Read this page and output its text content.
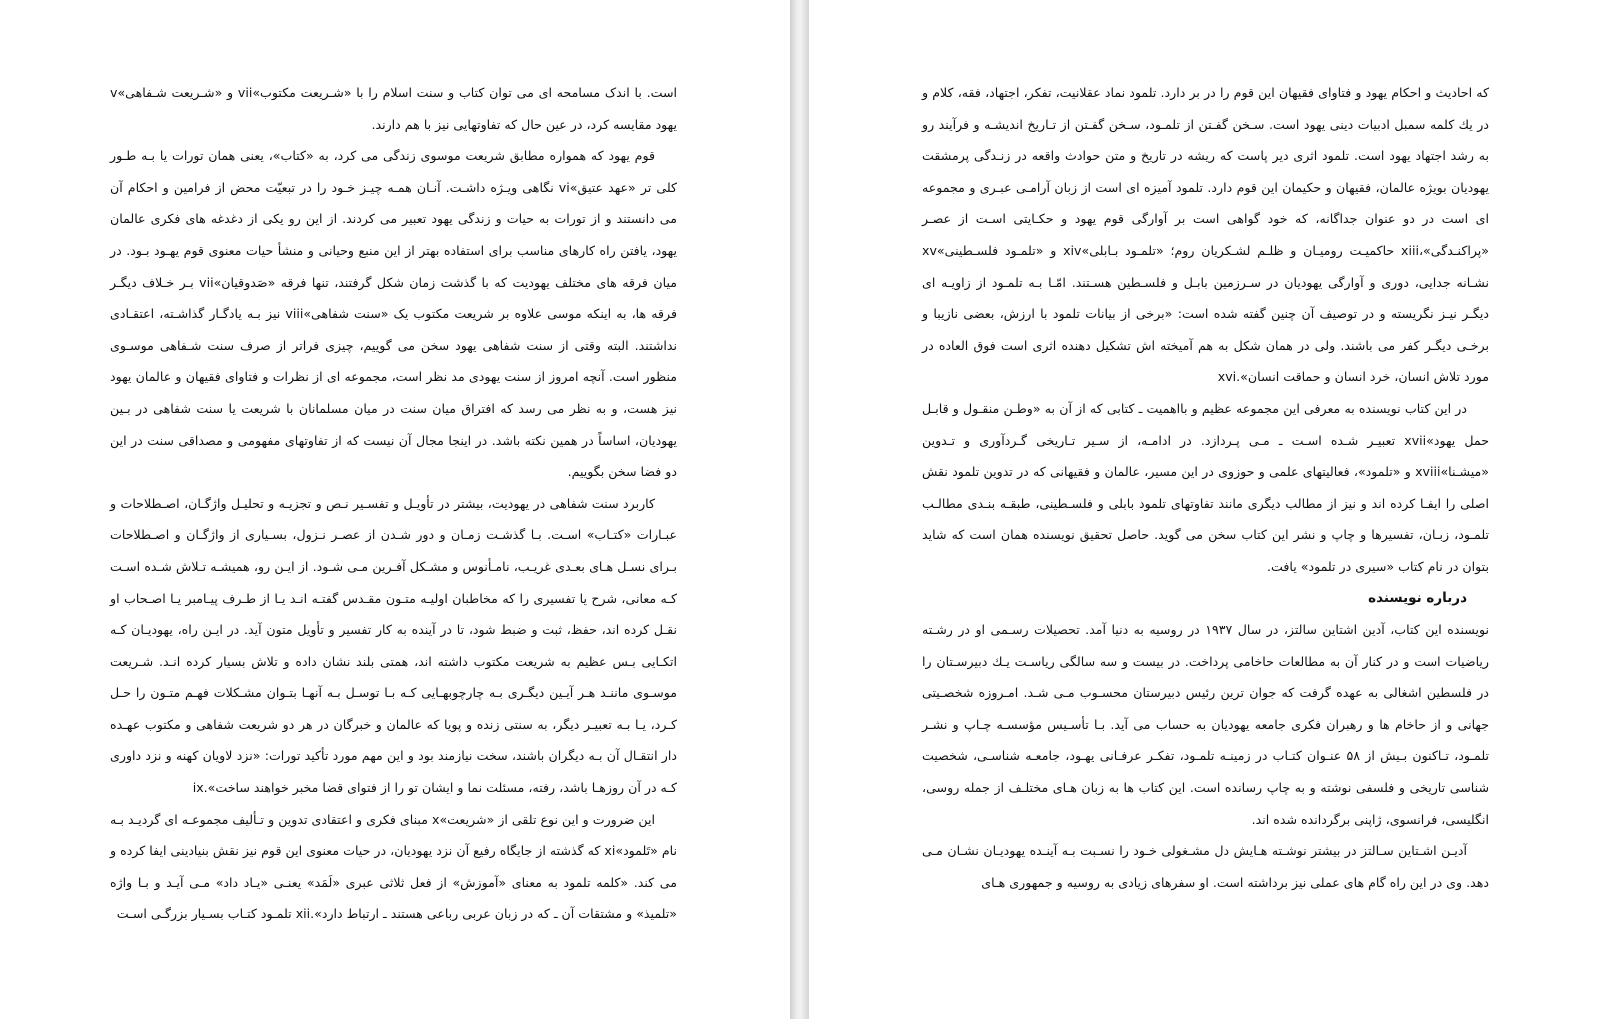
است. با اندک مسامحه ای می توان کتاب و سنت اسلام را با «شـریعت مکتوب»vii و «شـریعت شـفاهی»v یهود مقایسه کرد، در عین حال که تفاوتهایی نیز با هم دارند.

قوم یهود که همواره مطابق شریعت موسوی زندگی می کرد، به «کتاب»، یعنی همان تورات یا بـه طـور کلی تر «عهد عتیق»vi نگاهی ویـژه داشـت. آنـان همـه چیـز خـود را در تبعیّت محض از فرامین و احکام آن می دانستند و از تورات به حیات و زندگی یهود تعبیر می کردند. از این رو یکی از دغدغه های فکری عالمان یهود، یافتن راه کارهای مناسب برای استفاده بهتر از این منبع وحیانی و منشأ حیات معنوی قوم یهـود بـود. در میان فرقه های مختلف یهودیت که با گذشت زمان شکل گرفتند، تنها فرقه «صَدوقیان»vii بـر خـلاف دیگـر فرقه ها، به اینکه موسی علاوه بر شریعت مکتوب یک «سنت شفاهی»viii نیز بـه یادگـار گذاشـته، اعتقـادی نداشتند. البته وقتی از سنت شفاهی یهود سخن می گوییم، چیزی فراتر از صرف سنت شـفاهی موسـوی منظور است. آنچه امروز از سنت یهودی مد نظر است، مجموعه ای از نظرات و فتاوای فقیهان و عالمان یهود نیز هست، و به نظر می رسد که افتراق میان سنت در میان مسلمانان با شریعت یا سنت شفاهی در بـین یهودیان، اساساً در همین نکته باشد. در اینجا مجال آن نیست که از تفاوتهای مفهومی و مصداقی سنت در این دو فضا سخن بگوییم.

کاربرد سنت شفاهی در یهودیت، بیشتر در تأویـل و تفسـیر نـص و تجزیـه و تحلیـل واژگـان، اصـطلاحات و عبـارات «کتـاب» اسـت. بـا گذشـت زمـان و دور شـدن از عصـر نـزول، بسـیاری از واژگـان و اصـطلاحات بـرای نسـل هـای بعـدی غریـب، نامـأنوس و مشـکل آفـرین مـی شـود. از ایـن رو، همیشـه تـلاش شـده اسـت کـه معانی، شرح یا تفسیری را که مخاطبان اولیـه متـون مقـدس گفتـه انـد یـا از طـرف پیـامبر یـا اصـحاب او نقـل کرده اند، حفظ، ثبت و ضبط شود، تا در آینده به کار تفسیر و تأویل متون آید. در ایـن راه، یهودیـان کـه اتکـایی بـس عظیم به شریعت مکتوب داشته اند، همتی بلند نشان داده و تلاش بسیار کرده انـد. شـریعت موسـوی ماننـد هـر آیـین دیگـری بـه چارچوبهـایی کـه بـا توسـل بـه آنهـا بتـوان مشـکلات فهـم متـون را حـل کـرد، یـا بـه تعبیـر دیگر، به سنتی زنده و پویا که عالمان و خبرگان در هر دو شریعت شفاهی و مکتوب عهـده دار انتقـال آن بـه دیگران باشند، سخت نیازمند بود و این مهم مورد تأکید تورات: «نزد لاویان کهنه و نزد داوری کـه در آن روزهـا باشد، رفته، مسئلت نما و ایشان تو را از فتوای قضا مخبر خواهند ساخت».ix

این ضرورت و این نوع تلقی از «شریعت»x مبنای فکری و اعتقادی تدوین و تـألیف مجموعـه ای گردیـد بـه نام «تَلمود»xi که گذشته از جایگاه رفیع آن نزد یهودیان، در حیات معنوی این قوم نیز نقش بنیادینی ایفا کرده و می کند. «کلمه تلمود به معنای «آموزش» از فعل ثلاثی عبری «لَمَد» یعنـی «یـاد داد» مـی آیـد و بـا واژه «تلمیذ» و مشتقات آن ـ که در زبان عربی رباعی هستند ـ ارتباط دارد».xii تلمـود کتـاب بسـیار بزرگـی اسـت

که احادیث و احکام یهود و فتاوای فقیهان این قوم را در بر دارد. تلمود نماد عقلانیت، تفکر، اجتهاد، فقه، کلام و در یك كلمه سمبل ادبیات دینی یهود است. سـخن گفـتن از تلمـود، سـخن گفـتن از تـاريخ انديشـه و فرآيند رو به رشد اجتهاد يهود است. تلمود اثری دیر پاست که ریشه در تاریخ و متن حوادث واقعه در زنـدگی پرمشقت يهوديان بويژه عالمان، فقيهان و حكيمان این قوم دارد. تلمود آميزه ای است از زبان آرامـی عبـری و مجموعه ای است در دو عنوان جداگانه، که خود گواهی است بر آوارگی قوم يهود و حكـايتی اسـت از عصـر «پراکنـدگی»،xiii حاکمیـت رومیـان و ظلـم لشـکریان روم؛ «تلمـود بـابلی»xiv و «تلمـود فلسـطینی»xv نشـانه جدايی، دوری و آوارگی يهوديان در سـرزمين بابـل و فلسـطين هسـتند. امّـا بـه تلمـود از زاويـه ای ديگـر نيـز نگريسته و در توصيف آن چنين گفته شده است: «برخی از بيانات تلمود با ارزش، بعضی نازيبا و برخـی ديگـر كفر می باشند. ولی در همان شکل به هم آمیخته اش تشکیل دهنده اثری است فوق العاده در مورد تلاش انسان، خرد انسان و حماقت انسان».xvi

در این کتاب نویسنده به معرفی این مجموعه عظیم و بااهمیت ـ کتابی که از آن به «وطـن منقـول و قابـل حمل يهود»xvii تعبيـر شـده اسـت ـ مـی پـردازد. در ادامـه، از سـير تـاريخی گـردآوری و تـدوين «ميشـنا»xviii و «تلمود»، فعالیتهای علمی و حوزوی در این مسیر، عالمان و فقیهانی که در تدوین تلمود نقش اصلی را ايفـا کرده اند و نیز از مطالب دیگری مانند تفاوتهای تلمود بابلی و فلسـطینی، طبقـه بنـدی مطالـب تلمـود، زبـان، تفسيرها و چاپ و نشر این کتاب سخن می گوید. حاصل تحقیق نویسنده همان است که شاید بتوان در نام کتاب «سیری در تلمود» یافت.

درباره نويسنده

نويسنده اين كتاب، آدين اشتاين سالتز، در سال ۱۹۳۷ در روسيه به دنيا آمد. تحصيلات رسـمی او در رشـته رياضيات است و در كنار آن به مطالعات حاخامی پرداخت. در بيست و سه سالگی رياسـت يـك دبيرسـتان را در فلسطين اشغالی به عهده گرفت که جوان ترین رئيس دبيرستان محسـوب مـی شـد. امـروزه شخصـيتی جهانی و از حاخام ها و رهبران فكری جامعه یهودیان به حساب می آيد. بـا تأسـيس مؤسسـه چـاپ و نشـر تلمـود، تـاكنون بـيش از ۵۸ عنـوان كتـاب در زمينـه تلمـود، تفكـر عرفـانی يهـود، جامعـه شناسـی، شخصيت شناسی تاريخی و فلسفی نوشته و به چاپ رسانده است. اين كتاب ها به زبان هـای مختلـف از جمله روسی، انگليسی، فرانسوی، ژاپنی برگردانده شده اند.

آدیـن اشـتاين سـالتز در بيشتر نوشـته هـايش دل مشـغولی خـود را نسـبت بـه آينـده يهوديـان نشـان مـی دهد. وی در این راه گام های عملی نیز برداشته است. او سفرهای زيادی به روسيه و جمهوری هـای
